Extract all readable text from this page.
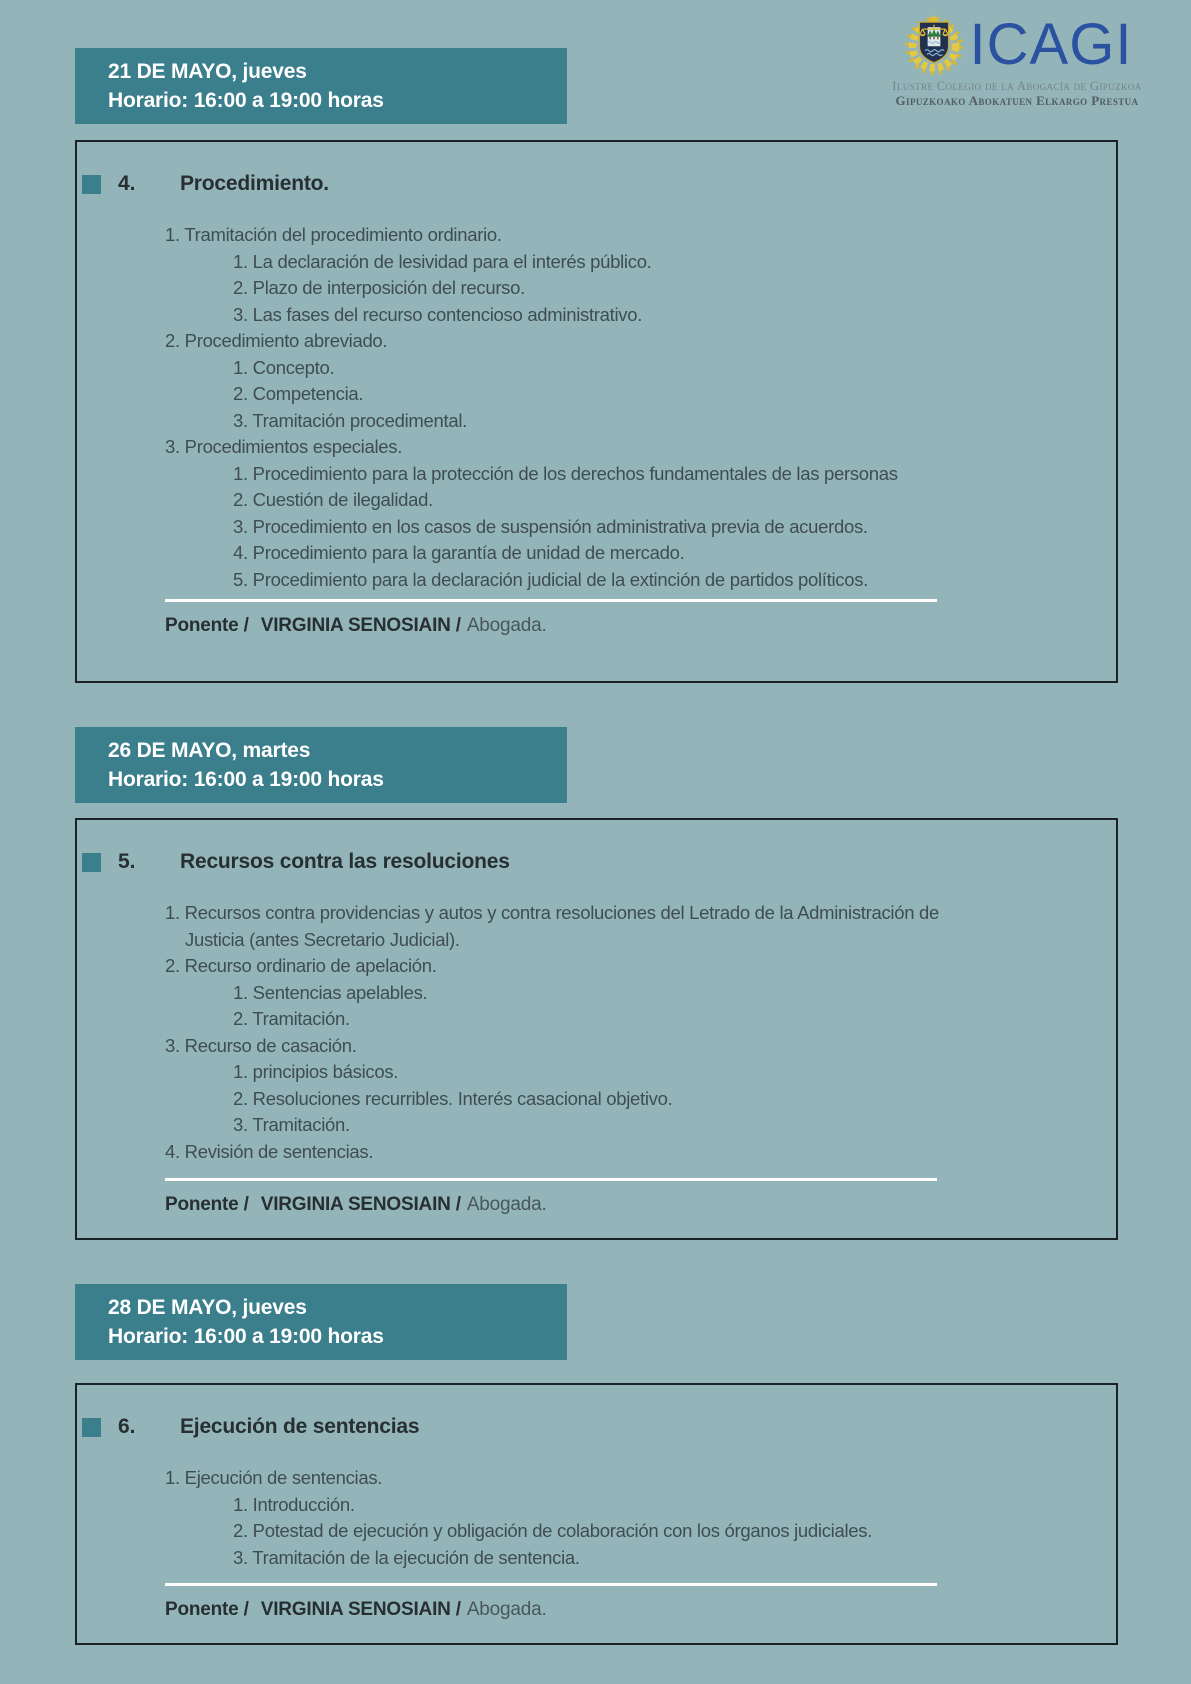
ICAGI
Ilustre Colegio de la Abogacía de Gipuzkoa
Gipuzkoako Abokatuen Elkargo Prestua
21 DE MAYO, jueves
Horario: 16:00 a 19:00 horas
4.	Procedimiento.
1. Tramitación del procedimiento ordinario.
1. La declaración de lesividad para el interés público.
2. Plazo de interposición del recurso.
3. Las fases del recurso contencioso administrativo.
2. Procedimiento abreviado.
1. Concepto.
2. Competencia.
3. Tramitación procedimental.
3. Procedimientos especiales.
1. Procedimiento para la protección de los derechos fundamentales de las personas
2. Cuestión de ilegalidad.
3. Procedimiento en los casos de suspensión administrativa previa de acuerdos.
4. Procedimiento para la garantía de unidad de mercado.
5. Procedimiento para la declaración judicial de la extinción de partidos políticos.
Ponente / VIRGINIA SENOSIAIN / Abogada.
26 DE MAYO, martes
Horario: 16:00 a 19:00 horas
5.	Recursos contra las resoluciones
1. Recursos contra providencias y autos y contra resoluciones del Letrado de la Administración de Justicia (antes Secretario Judicial).
2. Recurso ordinario de apelación.
1. Sentencias apelables.
2. Tramitación.
3. Recurso de casación.
1. principios básicos.
2. Resoluciones recurribles. Interés casacional objetivo.
3. Tramitación.
4. Revisión de sentencias.
Ponente / VIRGINIA SENOSIAIN / Abogada.
28 DE MAYO, jueves
Horario: 16:00 a 19:00 horas
6.	Ejecución de sentencias
1. Ejecución de sentencias.
1. Introducción.
2. Potestad de ejecución y obligación de colaboración con los órganos judiciales.
3. Tramitación de la ejecución de sentencia.
Ponente / VIRGINIA SENOSIAIN / Abogada.
